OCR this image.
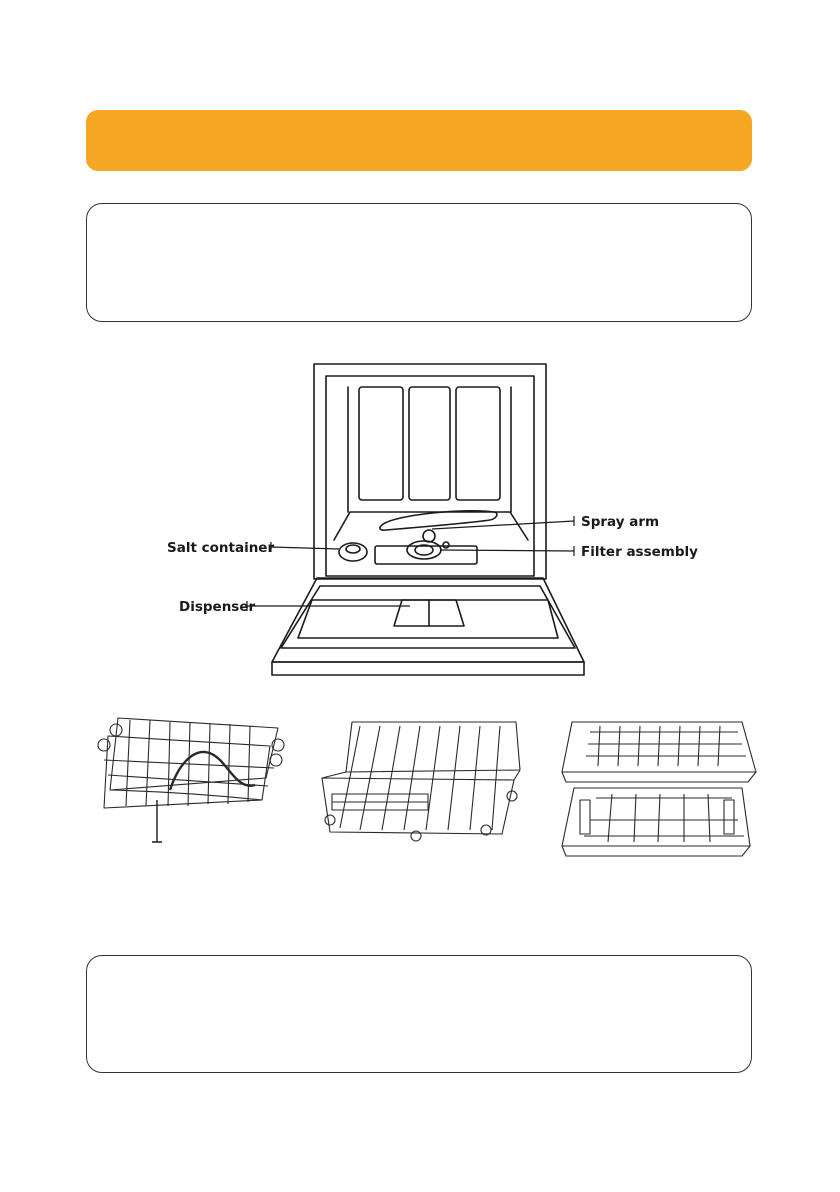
Spray arm
Filter assembly
Salt container
Dispenser
